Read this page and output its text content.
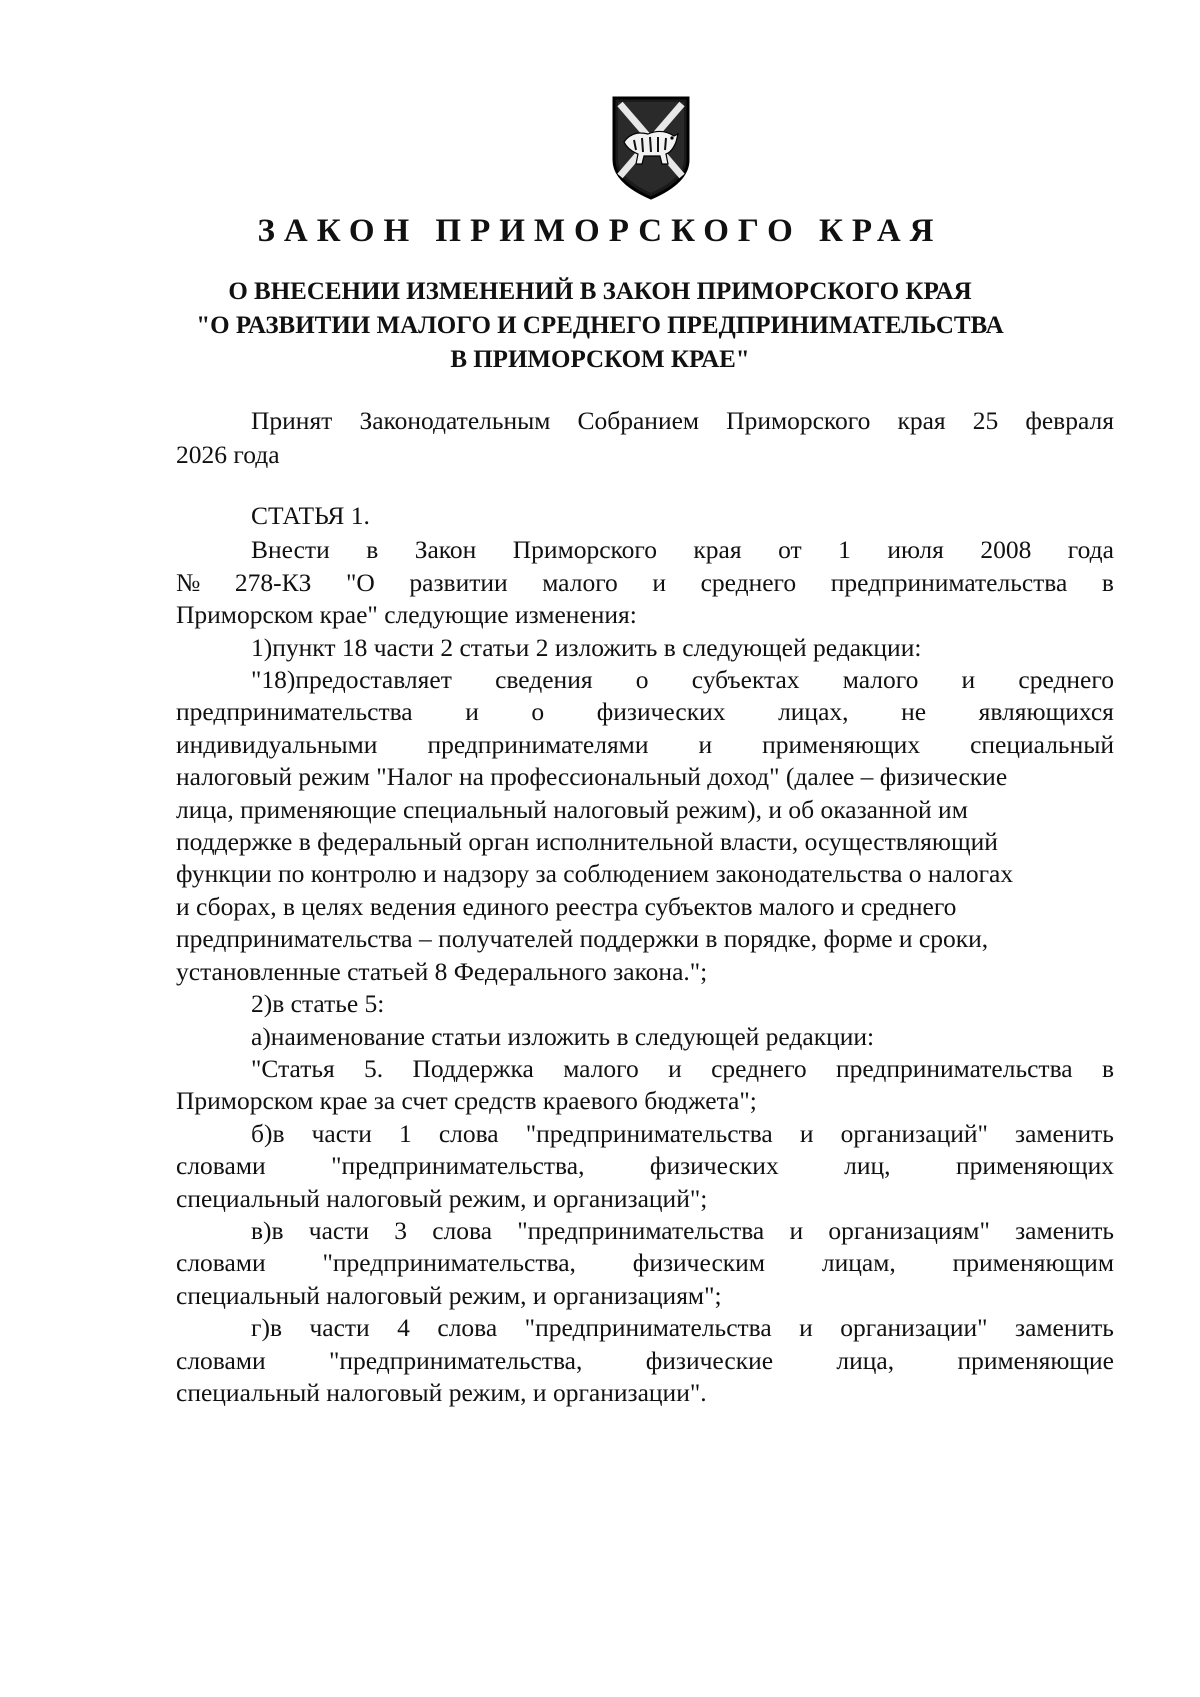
ЗАКОН ПРИМОРСКОГО КРАЯ
О ВНЕСЕНИИ ИЗМЕНЕНИЙ В ЗАКОН ПРИМОРСКОГО КРАЯ
"О РАЗВИТИИ МАЛОГО И СРЕДНЕГО ПРЕДПРИНИМАТЕЛЬСТВА
В ПРИМОРСКОМ КРАЕ"
Принят Законодательным Собранием Приморского края 25 февраля
2026 года

СТАТЬЯ 1.

Внести в Закон Приморского края от 1 июля 2008 года
№ 278-КЗ "О развитии малого и среднего предпринимательства в
Приморском крае" следующие изменения:
1)пункт 18 части 2 статьи 2 изложить в следующей редакции:
"18)предоставляет сведения о субъектах малого и среднего
предпринимательства и о физических лицах, не являющихся
индивидуальными предпринимателями и применяющих специальный
налоговый режим "Налог на профессиональный доход" (далее – физические
лица, применяющие специальный налоговый режим), и об оказанной им
поддержке в федеральный орган исполнительной власти, осуществляющий
функции по контролю и надзору за соблюдением законодательства о налогах
и сборах, в целях ведения единого реестра субъектов малого и среднего
предпринимательства – получателей поддержки в порядке, форме и сроки,
установленные статьей 8 Федерального закона.";
2)в статье 5:
а)наименование статьи изложить в следующей редакции:
"Статья 5. Поддержка малого и среднего предпринимательства в
Приморском крае за счет средств краевого бюджета";
б)в части 1 слова "предпринимательства и организаций" заменить
словами	"предпринимательства,	физических	лиц,	применяющих
специальный налоговый режим, и организаций";
в)в части 3 слова "предпринимательства и организациям" заменить
словами "предпринимательства, физическим лицам, применяющим
специальный налоговый режим, и организациям";
г)в части 4 слова "предпринимательства и организации" заменить
словами "предпринимательства, физические лица, применяющие
специальный налоговый режим, и организации".
